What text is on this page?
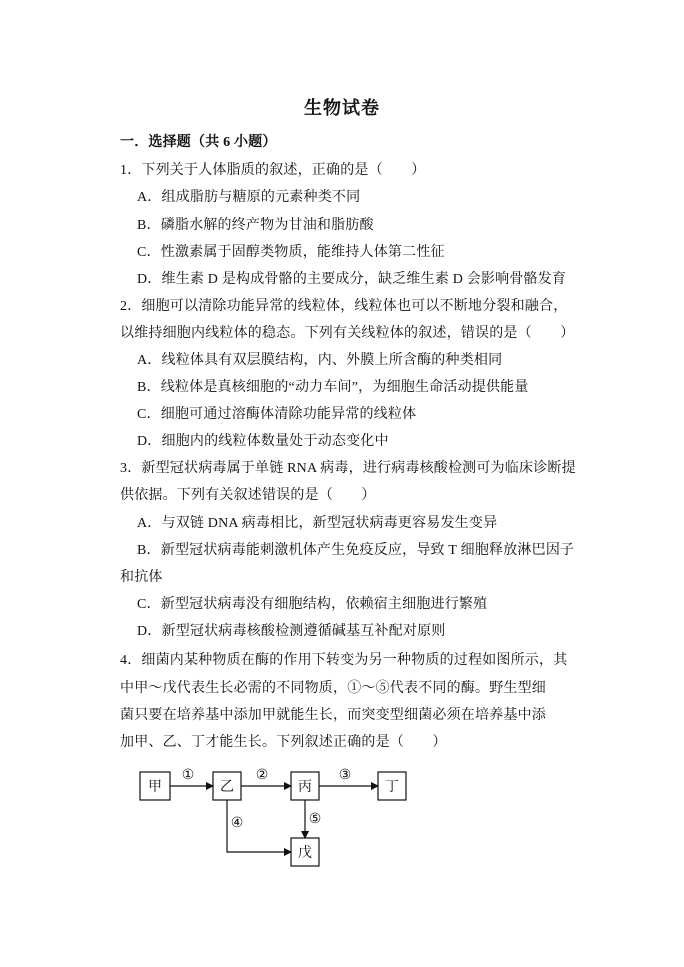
生物试卷
一．选择题（共 6 小题）
1．下列关于人体脂质的叙述，正确的是（　　）
A．组成脂肪与糖原的元素种类不同
B．磷脂水解的终产物为甘油和脂肪酸
C．性激素属于固醇类物质，能维持人体第二性征
D．维生素 D 是构成骨骼的主要成分，缺乏维生素 D 会影响骨骼发育
2．细胞可以清除功能异常的线粒体，线粒体也可以不断地分裂和融合，
以维持细胞内线粒体的稳态。下列有关线粒体的叙述，错误的是（　　）
A．线粒体具有双层膜结构，内、外膜上所含酶的种类相同
B．线粒体是真核细胞的“动力车间”，为细胞生命活动提供能量
C．细胞可通过溶酶体清除功能异常的线粒体
D．细胞内的线粒体数量处于动态变化中
3．新型冠状病毒属于单链 RNA 病毒，进行病毒核酸检测可为临床诊断提
供依据。下列有关叙述错误的是（　　）
A．与双链 DNA 病毒相比，新型冠状病毒更容易发生变异
B．新型冠状病毒能刺激机体产生免疫反应，导致 T 细胞释放淋巴因子
和抗体
C．新型冠状病毒没有细胞结构，依赖宿主细胞进行繁殖
D．新型冠状病毒核酸检测遵循碱基互补配对原则
4．细菌内某种物质在酶的作用下转变为另一种物质的过程如图所示，其
中甲～戊代表生长必需的不同物质，①～⑤代表不同的酶。野生型细
菌只要在培养基中添加甲就能生长，而突变型细菌必须在培养基中添
加甲、乙、丁才能生长。下列叙述正确的是（　　）
甲	乙	丙	丁
戊
①	②	③
④	⑤
